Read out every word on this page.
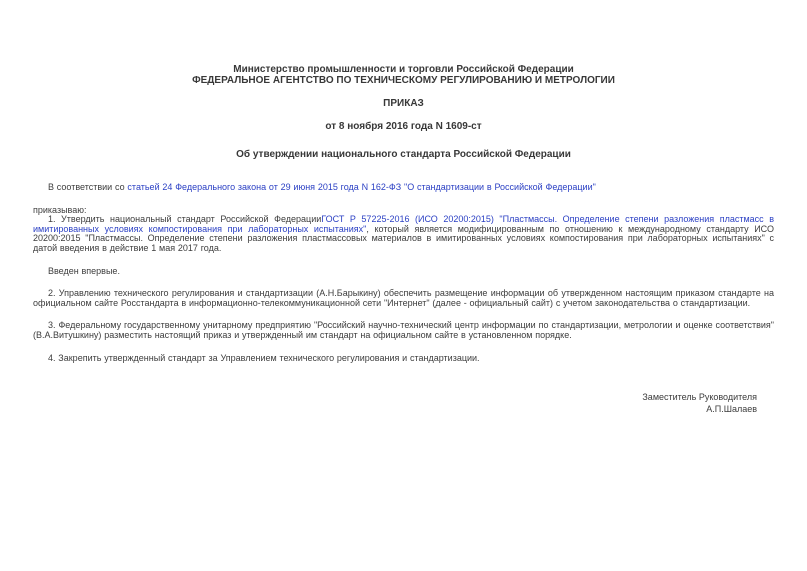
Министерство промышленности и торговли Российской Федерации
ФЕДЕРАЛЬНОЕ АГЕНТСТВО ПО ТЕХНИЧЕСКОМУ РЕГУЛИРОВАНИЮ И МЕТРОЛОГИИ
ПРИКАЗ
от 8 ноября 2016 года N 1609-ст
Об утверждении национального стандарта Российской Федерации

В соответствии со статьей 24 Федерального закона от 29 июня 2015 года N 162-ФЗ "О стандартизации в Российской Федерации"

приказываю:

1. Утвердить национальный стандарт Российской ФедерацииГОСТ Р 57225-2016 (ИСО 20200:2015) "Пластмассы. Определение степени разложения пластмасс в имитированных условиях компостирования при лабораторных испытаниях", который является модифицированным по отношению к международному стандарту ИСО 20200:2015 "Пластмассы. Определение степени разложения пластмассовых материалов в имитированных условиях компостирования при лабораторных испытаниях" с датой введения в действие 1 мая 2017 года.

Введен впервые.

2. Управлению технического регулирования и стандартизации (А.Н.Барыкину) обеспечить размещение информации об утвержденном настоящим приказом стандарте на официальном сайте Росстандарта в информационно-телекоммуникационной сети "Интернет" (далее - официальный сайт) с учетом законодательства о стандартизации.

3. Федеральному государственному унитарному предприятию "Российский научно-технический центр информации по стандартизации, метрологии и оценке соответствия" (В.А.Витушкину) разместить настоящий приказ и утвержденный им стандарт на официальном сайте в установленном порядке.

4. Закрепить утвержденный стандарт за Управлением технического регулирования и стандартизации.

Заместитель Руководителя
А.П.Шалаев
